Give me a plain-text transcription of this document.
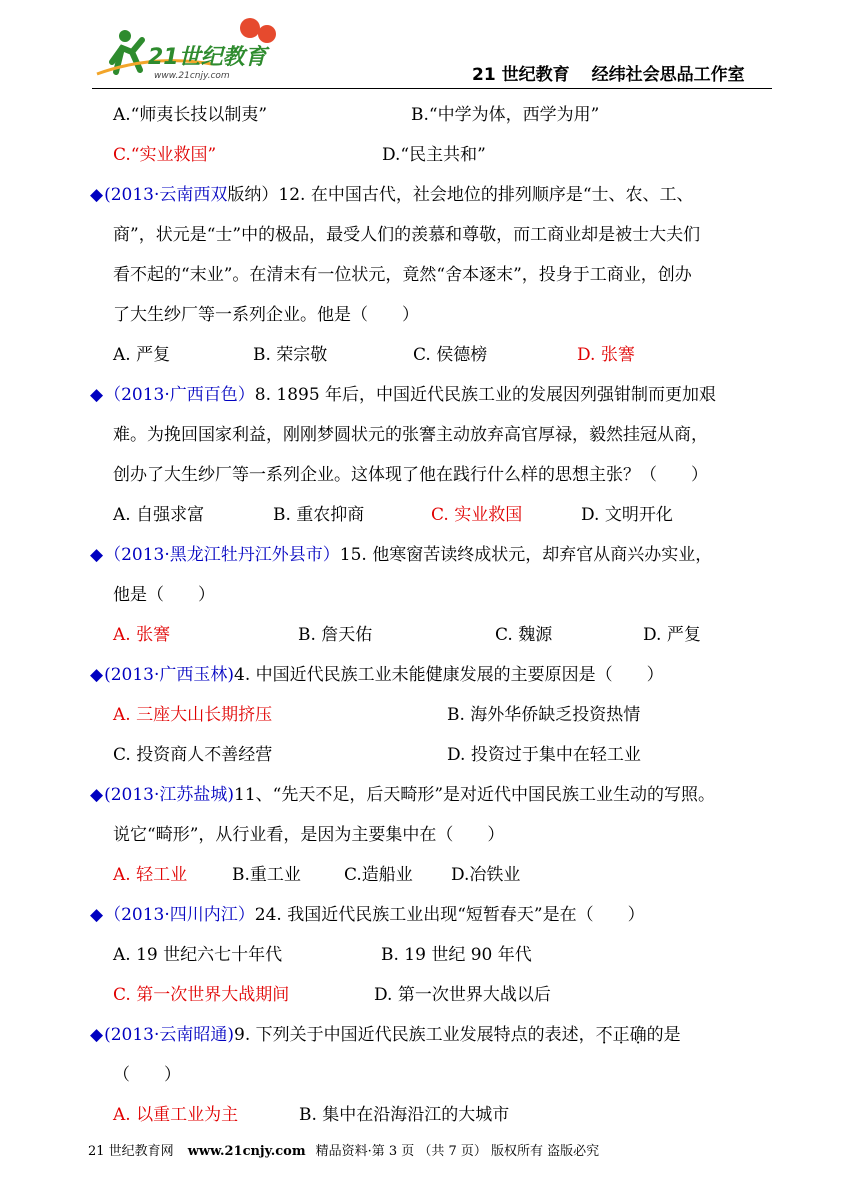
21世纪教育
www.21cnjy.com	21 世纪教育 经纬社会思品工作室
A.“师夷长技以制夷”	B.“中学为体，西学为用”
C.“实业救国”	D.“民主共和”
◆(2013·云南西双版纳）12. 在中国古代，社会地位的排列顺序是“士、农、工、
商”，状元是“士”中的极品，最受人们的羡慕和尊敬，而工商业却是被士大夫们
看不起的“末业”。在清末有一位状元，竟然“舍本逐末”，投身于工商业，创办
了大生纱厂等一系列企业。他是（　　）
A. 严复	B. 荣宗敬	C. 侯德榜	D. 张謇
◆（2013·广西百色）8. 1895 年后，中国近代民族工业的发展因列强钳制而更加艰
难。为挽回国家利益，刚刚梦圆状元的张謇主动放弃高官厚禄，毅然挂冠从商，
创办了大生纱厂等一系列企业。这体现了他在践行什么样的思想主张？（　　）
A. 自强求富	B. 重农抑商	C. 实业救国	D. 文明开化
◆（2013·黑龙江牡丹江外县市）15. 他寒窗苦读终成状元，却弃官从商兴办实业，
他是（　　）
A. 张謇	B. 詹天佑	C. 魏源	D. 严复
◆(2013·广西玉林)4. 中国近代民族工业未能健康发展的主要原因是（　　）
A. 三座大山长期挤压	B. 海外华侨缺乏投资热情
C. 投资商人不善经营	D. 投资过于集中在轻工业
◆(2013·江苏盐城)11、“先天不足，后天畸形”是对近代中国民族工业生动的写照。
说它“畸形”，从行业看，是因为主要集中在（　　）
A. 轻工业	B.重工业	C.造船业 D.冶铁业
◆（2013·四川内江）24. 我国近代民族工业出现“短暂春天”是在（　　）
A. 19 世纪六七十年代	B. 19 世纪 90 年代
C. 第一次世界大战期间	D. 第一次世界大战以后
◆(2013·云南昭通)9. 下列关于中国近代民族工业发展特点的表述，不正确的是
（　　）
A. 以重工业为主	B. 集中在沿海沿江的大城市
21 世纪教育网 www.21cnjy.com 精品资料·第 3 页 （共 7 页） 版权所有 盗版必究
